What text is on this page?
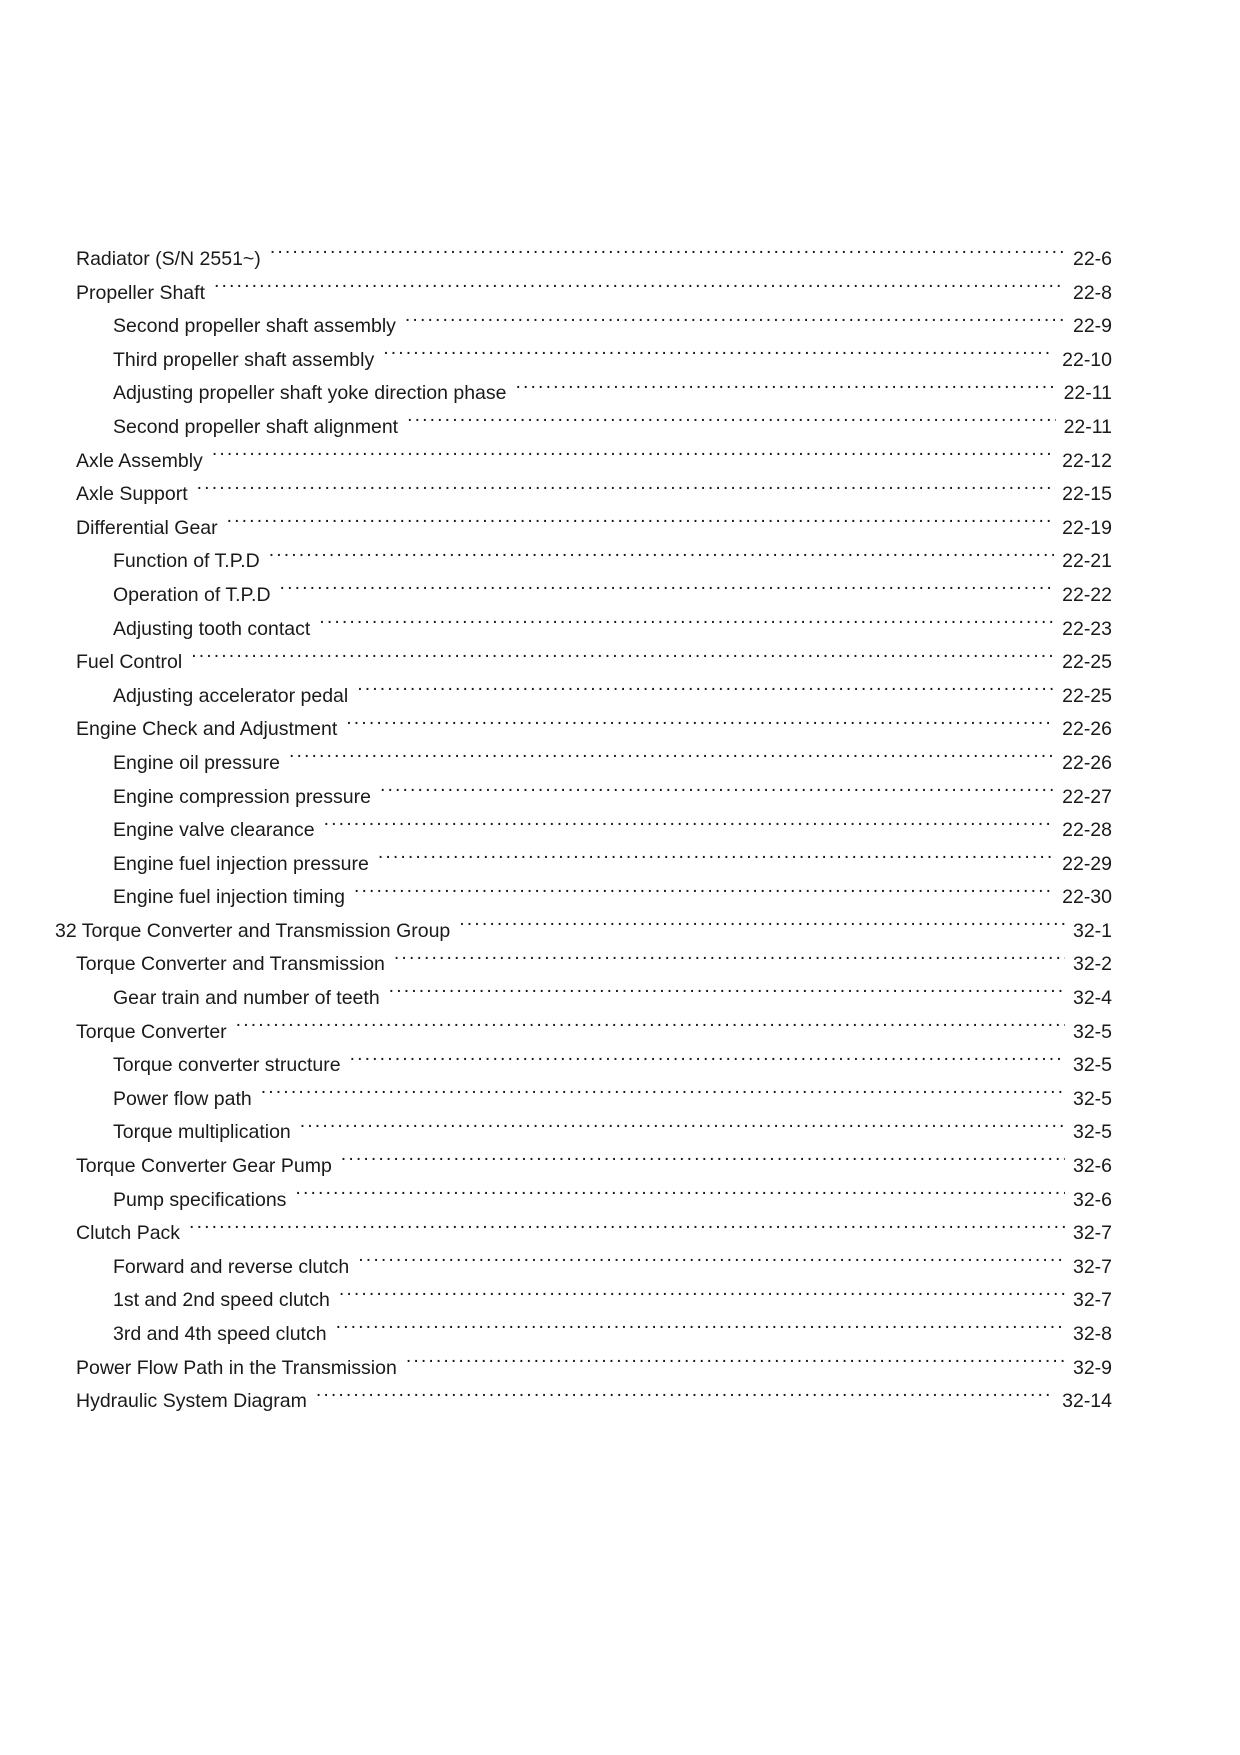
Radiator (S/N 2551~) .....	22-6
Propeller Shaft .....	22-8
Second propeller shaft assembly .....	22-9
Third propeller shaft assembly .....	22-10
Adjusting propeller shaft yoke direction phase .....	22-11
Second propeller shaft alignment .....	22-11
Axle Assembly .....	22-12
Axle Support .....	22-15
Differential Gear .....	22-19
Function of T.P.D .....	22-21
Operation of T.P.D .....	22-22
Adjusting tooth contact .....	22-23
Fuel Control .....	22-25
Adjusting accelerator pedal .....	22-25
Engine Check and Adjustment .....	22-26
Engine oil pressure .....	22-26
Engine compression pressure .....	22-27
Engine valve clearance .....	22-28
Engine fuel injection pressure .....	22-29
Engine fuel injection timing .....	22-30
32 Torque Converter and Transmission Group .....	32-1
Torque Converter and Transmission .....	32-2
Gear train and number of teeth .....	32-4
Torque Converter .....	32-5
Torque converter structure .....	32-5
Power flow path .....	32-5
Torque multiplication .....	32-5
Torque Converter Gear Pump .....	32-6
Pump specifications .....	32-6
Clutch Pack .....	32-7
Forward and reverse clutch .....	32-7
1st and 2nd speed clutch .....	32-7
3rd and 4th speed clutch .....	32-8
Power Flow Path in the Transmission .....	32-9
Hydraulic System Diagram .....	32-14
